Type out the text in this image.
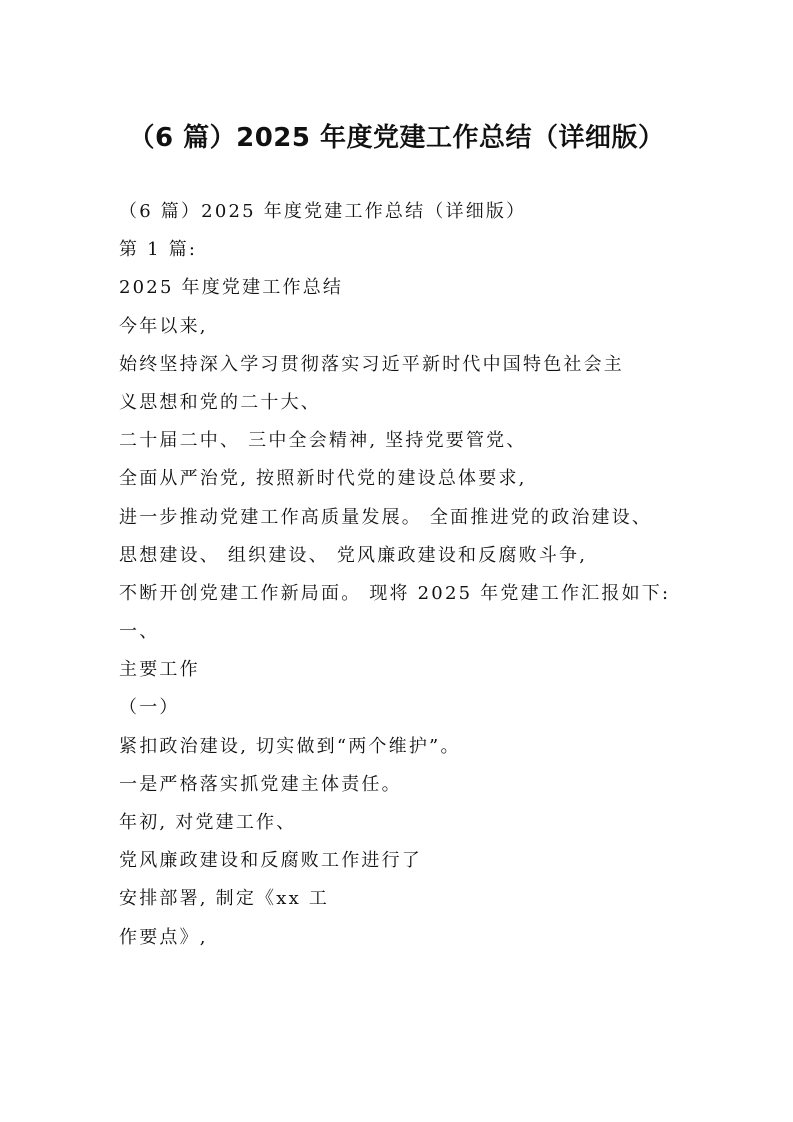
（6 篇）2025 年度党建工作总结（详细版）
（6 篇）2025 年度党建工作总结（详细版）
第 1 篇:
2025 年度党建工作总结
今年以来,
始终坚持深入学习贯彻落实习近平新时代中国特色社会主
义思想和党的二十大、
二十届二中、 三中全会精神, 坚持党要管党、
全面从严治党, 按照新时代党的建设总体要求,
进一步推动党建工作高质量发展。 全面推进党的政治建设、
思想建设、 组织建设、 党风廉政建设和反腐败斗争,
不断开创党建工作新局面。 现将 2025 年党建工作汇报如下:
一、
主要工作
（一）
紧扣政治建设, 切实做到“两个维护”。
一是严格落实抓党建主体责任。
年初, 对党建工作、
党风廉政建设和反腐败工作进行了
安排部署, 制定《xx 工
作要点》,
